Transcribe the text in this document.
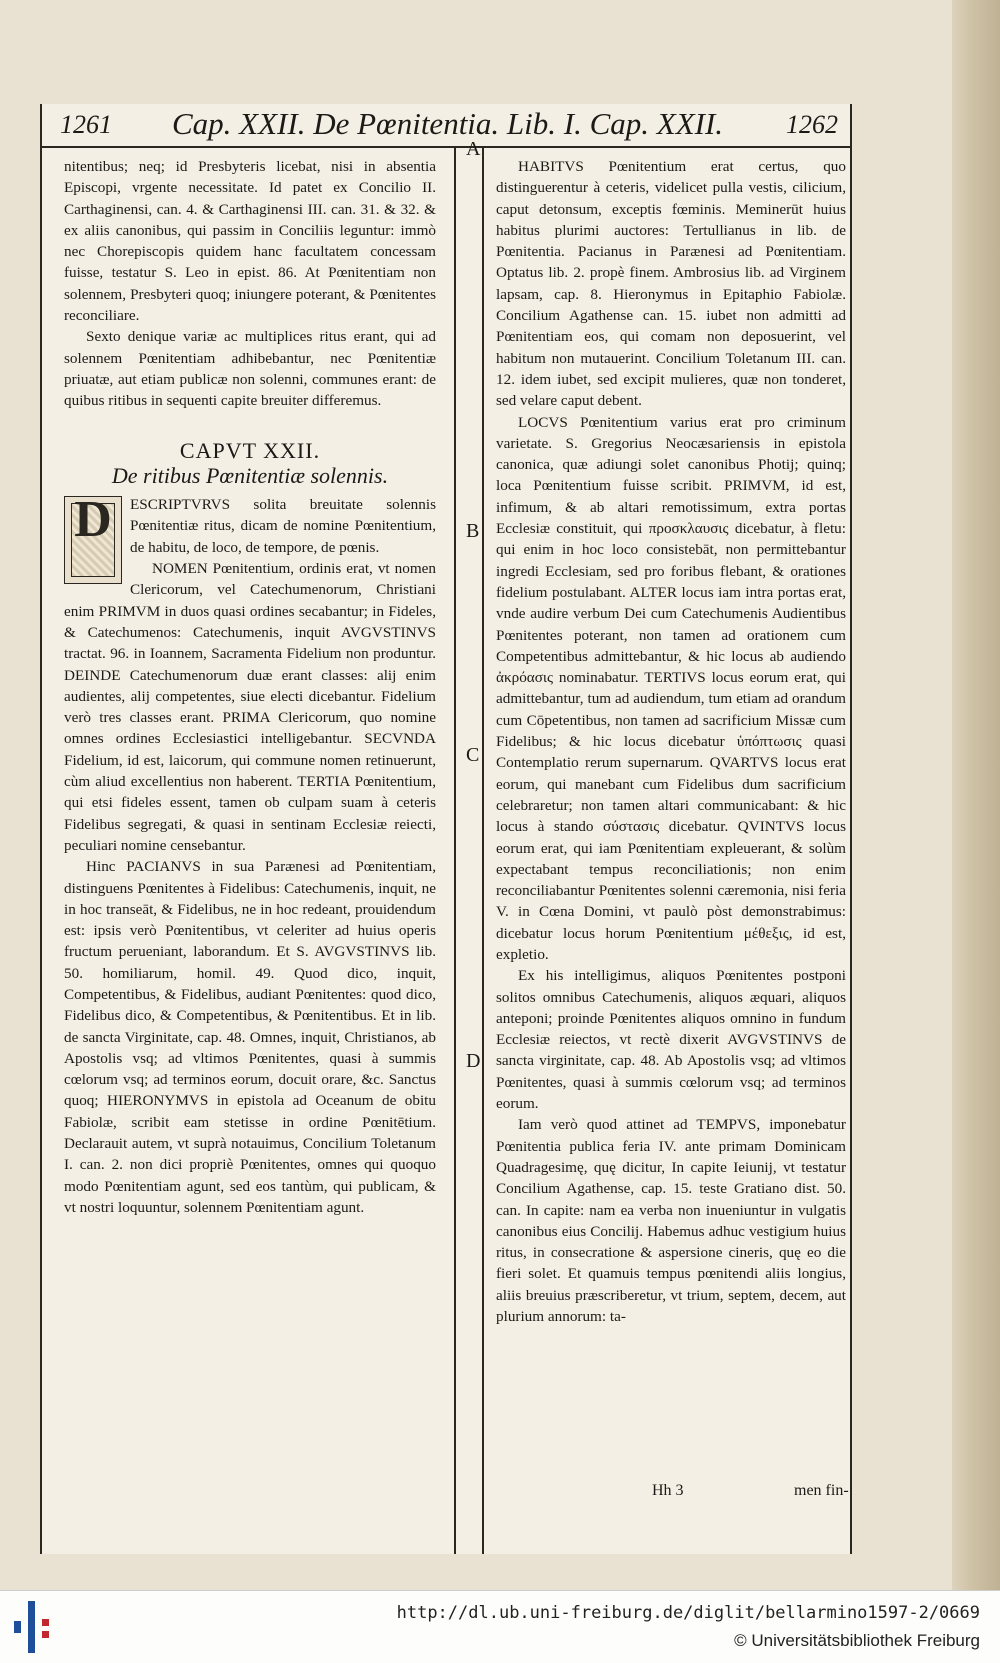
1261 Cap. XXII. De Pœnitentia. Lib. I. Cap. XXII. 1262
A
B
C
D

nitentibus; neq; id Presbyteris licebat, nisi in absentia Episcopi, vrgente necessitate. Id patet ex Concilio II. Carthaginensi, can. 4. & Carthaginensi III. can. 31. & 32. & ex aliis canonibus, qui passim in Conciliis leguntur: immò nec Chorepiscopis quidem hanc facultatem concessam fuisse, testatur S. Leo in epist. 86. At Pœnitentiam non solennem, Presbyteri quoq; iniungere poterant, & Pœnitentes reconciliare.

Sexto denique variæ ac multiplices ritus erant, qui ad solennem Pœnitentiam adhibebantur, nec Pœnitentiæ priuatæ, aut etiam publicæ non solenni, communes erant: de quibus ritibus in sequenti capite breuiter differemus.

CAPVT XXII.
De ritibus Pœnitentiæ solennis.
D	ESCRIPTVRVS solita breuitate solennis Pœnitentiæ ritus, dicam de nomine Pœnitentium, de habitu, de loco, de tempore, de pœnis.

NOMEN Pœnitentium, ordinis erat, vt nomen Clericorum, vel Catechumenorum, Christiani enim PRIMVM in duos quasi ordines secabantur; in Fideles, & Catechumenos: Catechumenis, inquit AVGVSTINVS tractat. 96. in Ioannem, Sacramenta Fidelium non produntur. DEINDE Catechumenorum duæ erant classes: alij enim audientes, alij competentes, siue electi dicebantur. Fidelium verò tres classes erant. PRIMA Clericorum, quo nomine omnes ordines Ecclesiastici intelligebantur. SECVNDA Fidelium, id est, laicorum, qui commune nomen retinuerunt, cùm aliud excellentius non haberent. TERTIA Pœnitentium, qui etsi fideles essent, tamen ob culpam suam à ceteris Fidelibus segregati, & quasi in sentinam Ecclesiæ reiecti, peculiari nomine censebantur.

Hinc PACIANVS in sua Parænesi ad Pœnitentiam, distinguens Pœnitentes à Fidelibus: Catechumenis, inquit, ne in hoc transeāt, & Fidelibus, ne in hoc redeant, prouidendum est: ipsis verò Pœnitentibus, vt celeriter ad huius operis fructum perueniant, laborandum. Et S. AVGVSTINVS lib. 50. homiliarum, homil. 49. Quod dico, inquit, Competentibus, & Fidelibus, audiant Pœnitentes: quod dico, Fidelibus dico, & Competentibus, & Pœnitentibus. Et in lib. de sancta Virginitate, cap. 48. Omnes, inquit, Christianos, ab Apostolis vsq; ad vltimos Pœnitentes, quasi à summis cœlorum vsq; ad terminos eorum, docuit orare, &c. Sanctus quoq; HIERONYMVS in epistola ad Oceanum de obitu Fabiolæ, scribit eam stetisse in ordine Pœnitētium. Declarauit autem, vt suprà notauimus, Concilium Toletanum I. can. 2. non dici propriè Pœnitentes, omnes qui quoquo modo Pœnitentiam agunt, sed eos tantùm, qui publicam, & vt nostri loquuntur, solennem Pœnitentiam agunt.

HABITVS Pœnitentium erat certus, quo distinguerentur à ceteris, videlicet pulla vestis, cilicium, caput detonsum, exceptis fœminis. Meminerūt huius habitus plurimi auctores: Tertullianus in lib. de Pœnitentia. Pacianus in Parænesi ad Pœnitentiam. Optatus lib. 2. propè finem. Ambrosius lib. ad Virginem lapsam, cap. 8. Hieronymus in Epitaphio Fabiolæ. Concilium Agathense can. 15. iubet non admitti ad Pœnitentiam eos, qui comam non deposuerint, vel habitum non mutauerint. Concilium Toletanum III. can. 12. idem iubet, sed excipit mulieres, quæ non tonderet, sed velare caput debent.

LOCVS Pœnitentium varius erat pro criminum varietate. S. Gregorius Neocæsariensis in epistola canonica, quæ adiungi solet canonibus Photij; quinq; loca Pœnitentium fuisse scribit. PRIMVM, id est, infimum, & ab altari remotissimum, extra portas Ecclesiæ constituit, qui προσκλαυσις dicebatur, à fletu: qui enim in hoc loco consistebāt, non permittebantur ingredi Ecclesiam, sed pro foribus flebant, & orationes fidelium postulabant. ALTER locus iam intra portas erat, vnde audire verbum Dei cum Catechumenis Audientibus Pœnitentes poterant, non tamen ad orationem cum Competentibus admittebantur, & hic locus ab audiendo ἀκρόασις nominabatur. TERTIVS locus eorum erat, qui admittebantur, tum ad audiendum, tum etiam ad orandum cum Cōpetentibus, non tamen ad sacrificium Missæ cum Fidelibus; & hic locus dicebatur ὑπόπτωσις quasi Contemplatio rerum supernarum. QVARTVS locus erat eorum, qui manebant cum Fidelibus dum sacrificium celebraretur; non tamen altari communicabant: & hic locus à stando σύστασις dicebatur. QVINTVS locus eorum erat, qui iam Pœnitentiam expleuerant, & solùm expectabant tempus reconciliationis; non enim reconciliabantur Pœnitentes solenni cæremonia, nisi feria V. in Cœna Domini, vt paulò pòst demonstrabimus: dicebatur locus horum Pœnitentium μέθεξις, id est, expletio.

Ex his intelligimus, aliquos Pœnitentes postponi solitos omnibus Catechumenis, aliquos æquari, aliquos anteponi; proinde Pœnitentes aliquos omnino in fundum Ecclesiæ reiectos, vt rectè dixerit AVGVSTINVS de sancta virginitate, cap. 48. Ab Apostolis vsq; ad vltimos Pœnitentes, quasi à summis cœlorum vsq; ad terminos eorum.

Iam verò quod attinet ad TEMPVS, imponebatur Pœnitentia publica feria IV. ante primam Dominicam Quadragesimę, quę dicitur, In capite Ieiunij, vt testatur Concilium Agathense, cap. 15. teste Gratiano dist. 50. can. In capite: nam ea verba non inueniuntur in vulgatis canonibus eius Concilij. Habemus adhuc vestigium huius ritus, in consecratione & aspersione cineris, quę eo die fieri solet. Et quamuis tempus pœnitendi aliis longius, aliis breuius præscriberetur, vt trium, septem, decem, aut plurium annorum: ta-

Hh 3	men fin-
http://dl.ub.uni-freiburg.de/diglit/bellarmino1597-2/0669
© Universitätsbibliothek Freiburg
